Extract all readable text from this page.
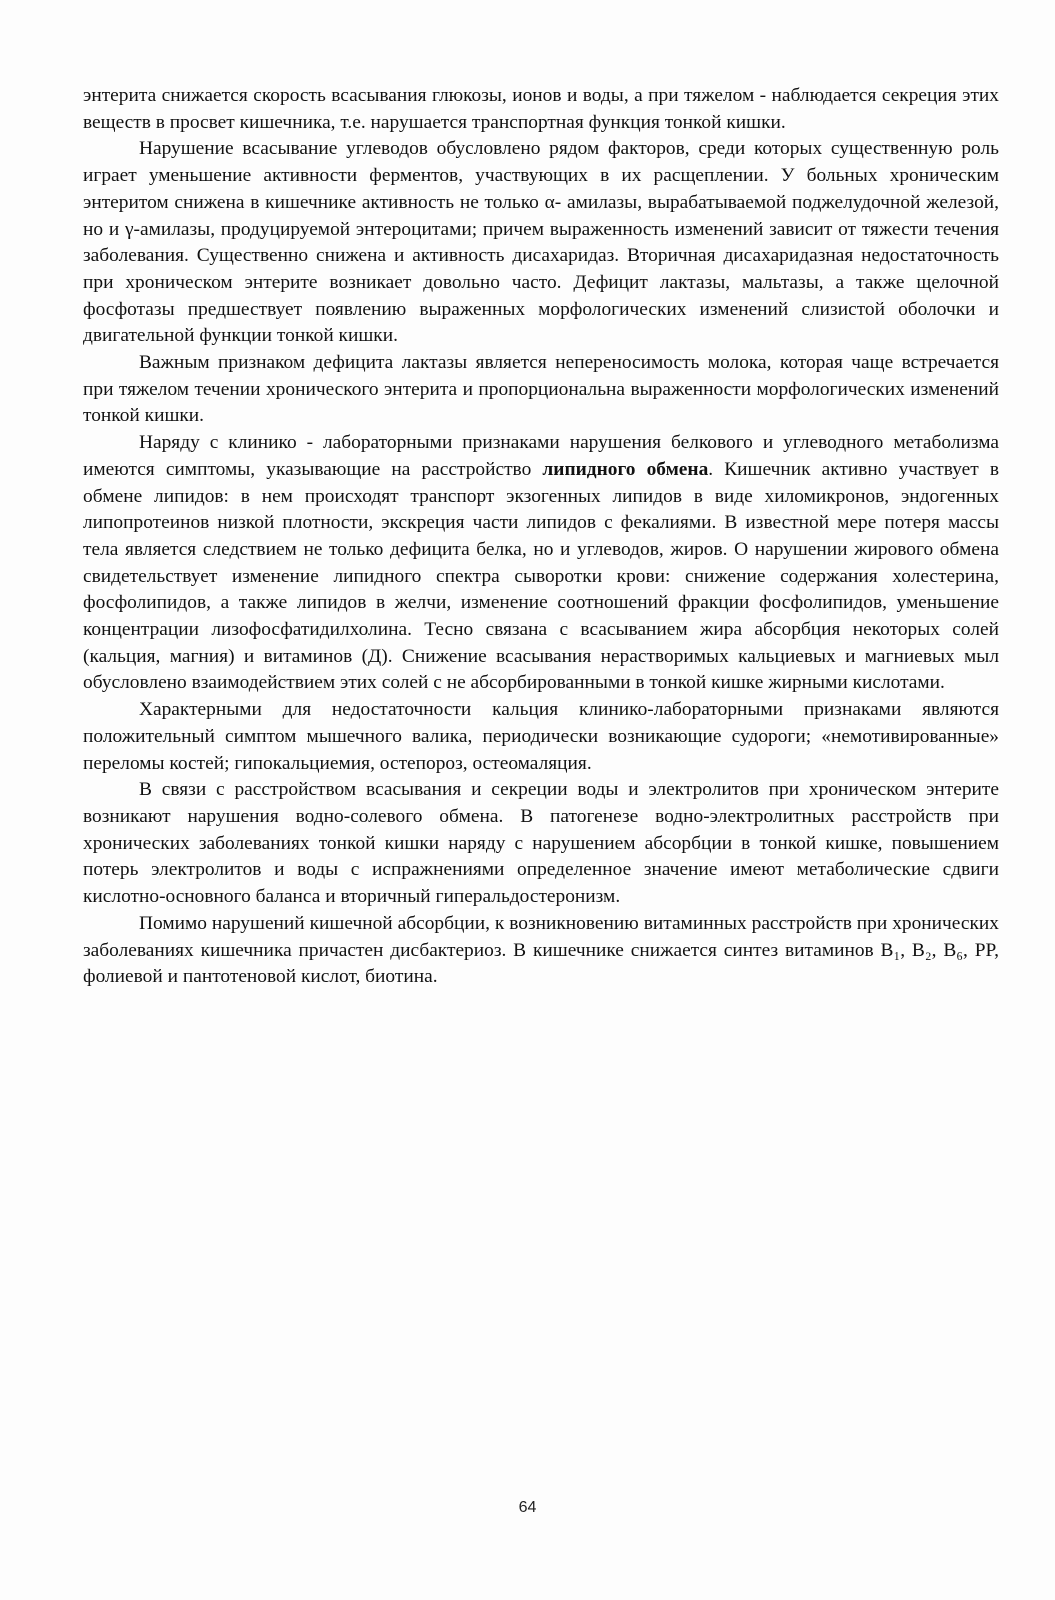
энтерита снижается скорость всасывания глюкозы, ионов и воды, а при тяжелом - наблюдается секреция этих веществ в просвет кишечника, т.е. нарушается транспортная функция тонкой кишки.

Нарушение всасывание углеводов обусловлено рядом факторов, среди которых существенную роль играет уменьшение активности ферментов, участвующих в их расщеплении. У больных хроническим энтеритом снижена в кишечнике активность не только α- амилазы, вырабатываемой поджелудочной железой, но и γ-амилазы, продуцируемой энтероцитами; причем выраженность изменений зависит от тяжести течения заболевания. Существенно снижена и активность дисахаридаз. Вторичная дисахаридазная недостаточность при хроническом энтерите возникает довольно часто. Дефицит лактазы, мальтазы, а также щелочной фосфотазы предшествует появлению выраженных морфологических изменений слизистой оболочки и двигательной функции тонкой кишки.

Важным признаком дефицита лактазы является непереносимость молока, которая чаще встречается при тяжелом течении хронического энтерита и пропорциональна выраженности морфологических изменений тонкой кишки.

Наряду с клинико - лабораторными признаками нарушения белкового и углеводного метаболизма имеются симптомы, указывающие на расстройство липидного обмена. Кишечник активно участвует в обмене липидов: в нем происходят транспорт экзогенных липидов в виде хиломикронов, эндогенных липопротеинов низкой плотности, экскреция части липидов с фекалиями. В известной мере потеря массы тела является следствием не только дефицита белка, но и углеводов, жиров. О нарушении жирового обмена свидетельствует изменение липидного спектра сыворотки крови: снижение содержания холестерина, фосфолипидов, а также липидов в желчи, изменение соотношений фракции фосфолипидов, уменьшение концентрации лизофосфатидилхолина. Тесно связана с всасыванием жира абсорбция некоторых солей (кальция, магния) и витаминов (Д). Снижение всасывания нерастворимых кальциевых и магниевых мыл обусловлено взаимодействием этих солей с не абсорбированными в тонкой кишке жирными кислотами.

Характерными для недостаточности кальция клинико-лабораторными признаками являются положительный симптом мышечного валика, периодически возникающие судороги; «немотивированные» переломы костей; гипокальциемия, остепороз, остеомаляция.

В связи с расстройством всасывания и секреции воды и электролитов при хроническом энтерите возникают нарушения водно-солевого обмена. В патогенезе водно-электролитных расстройств при хронических заболеваниях тонкой кишки наряду с нарушением абсорбции в тонкой кишке, повышением потерь электролитов и воды с испражнениями определенное значение имеют метаболические сдвиги кислотно-основного баланса и вторичный гиперальдостеронизм.

Помимо нарушений кишечной абсорбции, к возникновению витаминных расстройств при хронических заболеваниях кишечника причастен дисбактериоз. В кишечнике снижается синтез витаминов B₁, B₂, B₆, PP, фолиевой и пантотеновой кислот, биотина.

64
